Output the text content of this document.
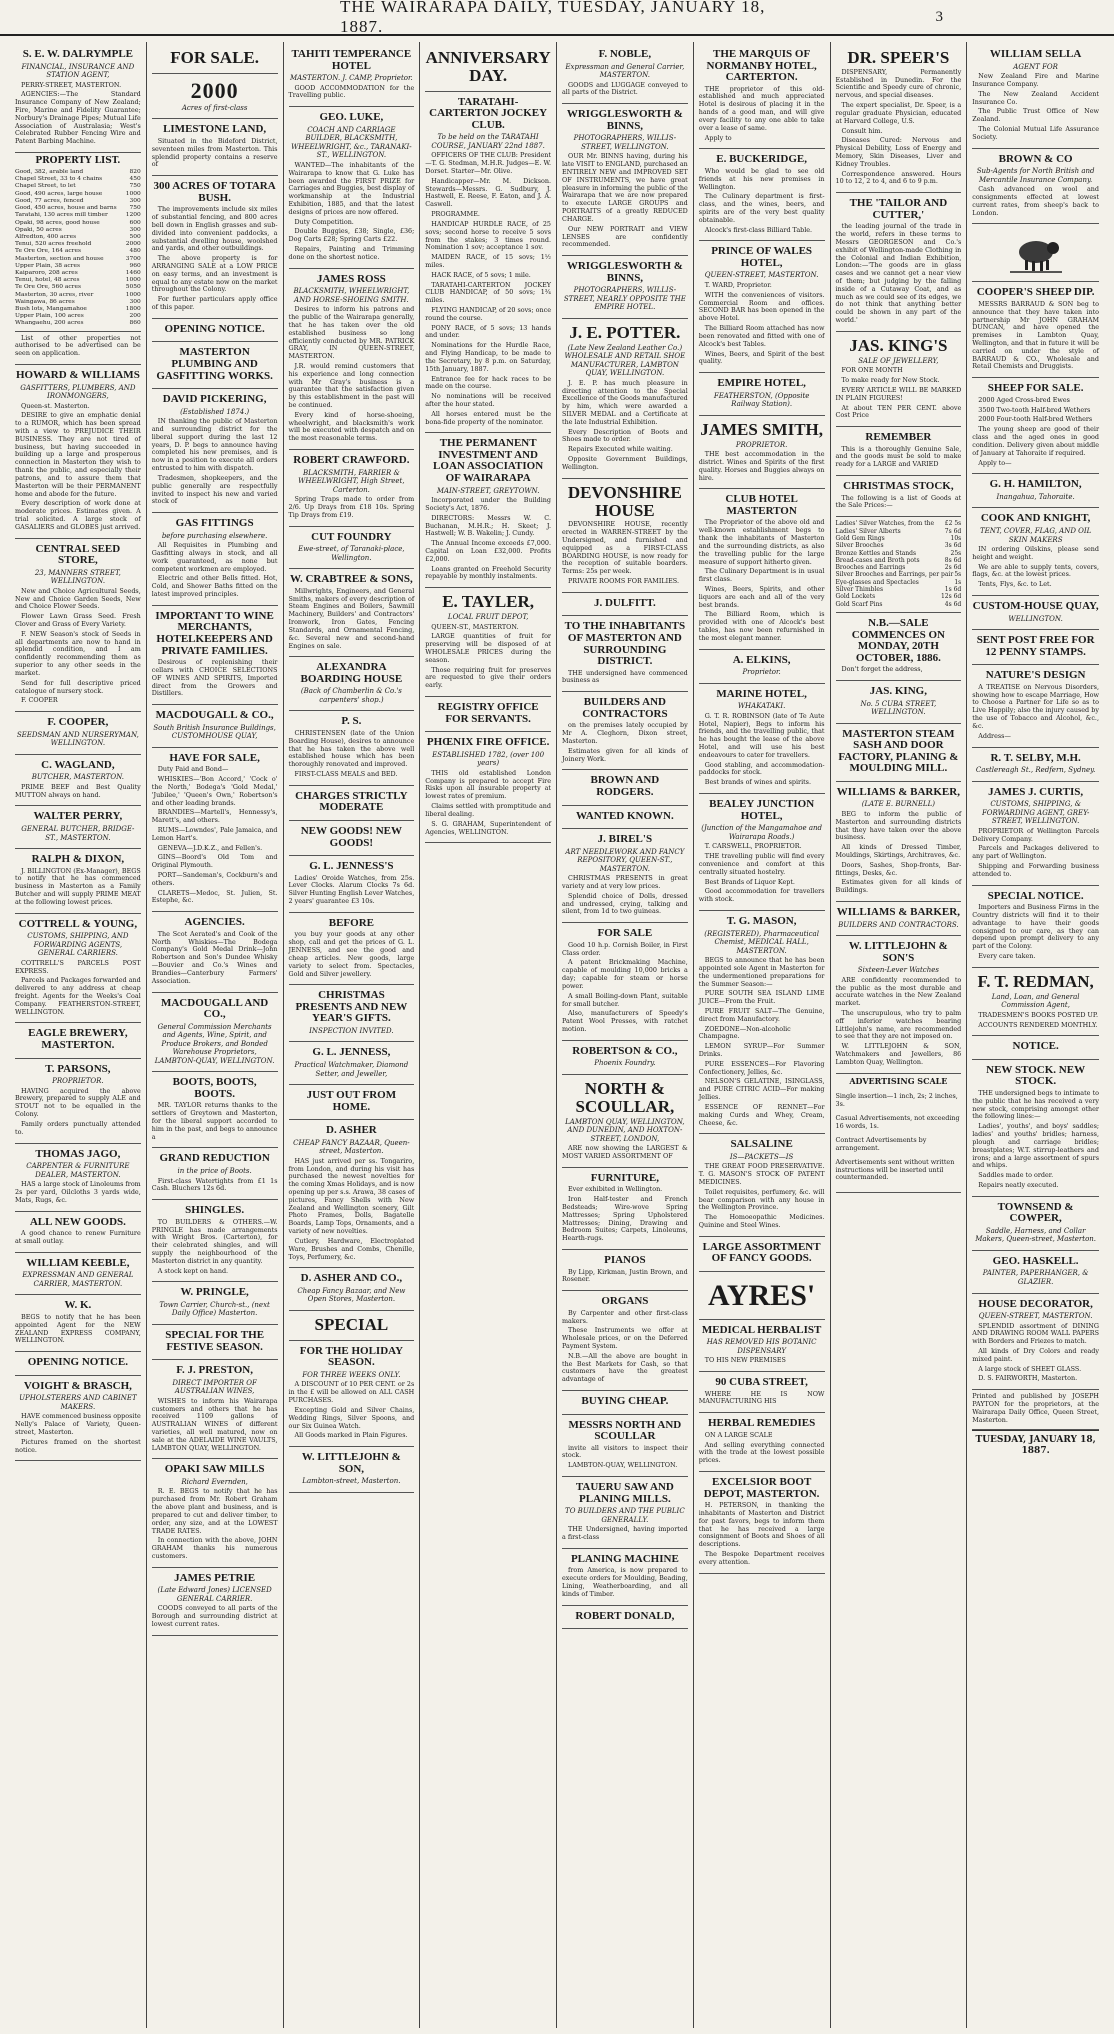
THE WAIRARAPA DAILY, TUESDAY, JANUARY 18, 1887.	3
S. E. W. DALRYMPLE
FINANCIAL, INSURANCE AND STATION AGENT,

PERRY-STREET, MASTERTON.

AGENCIES:—The Standard Insurance Company of New Zealand; Fire, Marine and Fidelity Guarantee; Norbury's Drainage Pipes; Mutual Life Association of Australasia; West's Celebrated Rubber Fencing Wire and Patent Barbing Machine.

PROPERTY LIST.
Good, 382, arable land	820
Chapel Street, 33 to 4 chains	450
Chapel Street, to let	750
Good, 490 acres, large house	1000
Good, 77 acres, fenced	300
Good, 450 acres, house and barns	750
Taratahi, 130 acres mill timber	1200
Opaki, 98 acres, good house	600
Opaki, 50 acres	300
Alfredton, 400 acres	500
Tenui, 520 acres freehold	2000
Te Ore Ore, 164 acres	480
Masterton, section and house	3700
Upper Plain, 38 acres	960
Kaiparoro, 208 acres	1460
Tenui, hotel, 48 acres	1000
Te Ore Ore, 560 acres	5050
Masterton, 30 acres, river	1000
Waingawa, 86 acres	300
Bush lots, Mangamahoe	1800
Upper Plain, 100 acres	200
Whangaehu, 200 acres	860

List of other properties not authorised to be advertised can be seen on application.

HOWARD & WILLIAMS
GASFITTERS, PLUMBERS, AND IRONMONGERS,

Queen-st. Masterton.

DESIRE to give an emphatic denial to a RUMOR, which has been spread with a view to PREJUDICE THEIR BUSINESS. They are not tired of business, but having succeeded in building up a large and prosperous connection in Masterton they wish to thank the public, and especially their patrons, and to assure them that Masterton will be their PERMANENT home and abode for the future.

Every description of work done at moderate prices. Estimates given. A trial solicited. A large stock of GASALIERS and GLOBES just arrived.

CENTRAL SEED STORE,
23, MANNERS STREET, WELLINGTON.

New and Choice Agricultural Seeds, New and Choice Garden Seeds, New and Choice Flower Seeds.

Flower Lawn Grass Seed. Fresh Clover and Grass of Every Variety.

F. NEW Season's stock of Seeds in all departments are now to hand in splendid condition, and I am confidently recommending them as superior to any other seeds in the market.

Send for full descriptive priced catalogue of nursery stock.

F. COOPER

F. COOPER,
SEEDSMAN AND NURSERYMAN, WELLINGTON.
C. WAGLAND,
BUTCHER, MASTERTON.

PRIME BEEF and Best Quality MUTTON always on hand.

WALTER PERRY,
GENERAL BUTCHER, BRIDGE-ST., MASTERTON.
RALPH & DIXON,

J. BILLINGTON (Ex-Manager), BEGS to notify that he has commenced business in Masterton as a Family Butcher and will supply PRIME MEAT at the following lowest prices.

COTTRELL & YOUNG,
CUSTOMS, SHIPPING, AND FORWARDING AGENTS, GENERAL CARRIERS.

COTTRELL'S PARCELS POST EXPRESS.

Parcels and Packages forwarded and delivered to any address at cheap freight. Agents for the Weeks's Coal Company. FEATHERSTON-STREET, WELLINGTON.

EAGLE BREWERY, MASTERTON.
T. PARSONS,
PROPRIETOR.

HAVING acquired the above Brewery, prepared to supply ALE and STOUT not to be equalled in the Colony.

Family orders punctually attended to.

THOMAS JAGO,
CARPENTER & FURNITURE DEALER, MASTERTON.

HAS a large stock of Linoleums from 2s per yard, Oilcloths 3 yards wide, Mats, Rugs, &c.

ALL NEW GOODS.

A good chance to renew Furniture at small outlay.

WILLIAM KEEBLE,
EXPRESSMAN AND GENERAL CARRIER, MASTERTON.
W. K.

BEGS to notify that he has been appointed Agent for the NEW ZEALAND EXPRESS COMPANY, WELLINGTON.

OPENING NOTICE.
VOIGHT & BRASCH,
UPHOLSTERERS AND CABINET MAKERS.

HAVE commenced business opposite Nelly's Palace of Variety, Queen-street, Masterton.

Pictures framed on the shortest notice.

FOR SALE.
2000
Acres of first-class
LIMESTONE LAND,

Situated in the Bideford District, seventeen miles from Masterton. This splendid property contains a reserve of

300 ACRES OF TOTARA BUSH.

The improvements include six miles of substantial fencing, and 800 acres bell down in English grasses and sub-divided into convenient paddocks, a substantial dwelling house, woolshed and yards, and other outbuildings.

The above property is for ARRANGING SALE at a LOW PRICE on easy terms, and an investment is equal to any estate now on the market throughout the Colony.

For further particulars apply office of this paper.

OPENING NOTICE.
MASTERTON PLUMBING AND GASFITTING WORKS.
DAVID PICKERING,
(Established 1874.)

IN thanking the public of Masterton and surrounding district for the liberal support during the last 12 years, D. P. begs to announce having completed his new premises, and is now in a position to execute all orders entrusted to him with dispatch.

Tradesmen, shopkeepers, and the public generally are respectfully invited to inspect his new and varied stock of

GAS FITTINGS
before purchasing elsewhere.

All Requisites in Plumbing and Gasfitting always in stock, and all work guaranteed, as none but competent workmen are employed.

Electric and other Bells fitted. Hot, Cold, and Shower Baths fitted on the latest improved principles.

IMPORTANT TO WINE MERCHANTS, HOTELKEEPERS AND PRIVATE FAMILIES.

Desirous of replenishing their cellars with CHOICE SELECTIONS OF WINES AND SPIRITS, Imported direct from the Growers and Distillers.

MACDOUGALL & CO.,
South British Insurance Buildings, CUSTOMHOUSE QUAY,
HAVE FOR SALE,

Duty Paid and Bond—

WHISKIES—'Bon Accord,' 'Cock o' the North,' Bodega's 'Gold Medal,' 'Jubilee,' 'Queen's Own,' Robertson's and other leading brands.

BRANDIES—Martell's, Hennessy's, Marett's, and others.

RUMS—Lowndes', Pale Jamaica, and Lemon Hart's.

GENEVA—J.D.K.Z., and Fellen's.

GINS—Boord's Old Tom and Original Plymouth.

PORT—Sandeman's, Cockburn's and others.

CLARETS—Medoc, St. Julien, St. Estephe, &c.

AGENCIES.

The Scot Aerated's and Cook of the North Whiskies—The Bodega Company's Gold Medal Drink—John Robertson and Son's Dundee Whisky—Bouvier and Co.'s Wines and Brandies—Canterbury Farmers' Association.

MACDOUGALL AND CO.,
General Commission Merchants and Agents, Wine, Spirit, and Produce Brokers, and Bonded Warehouse Proprietors, LAMBTON-QUAY, WELLINGTON.
BOOTS, BOOTS, BOOTS.

MR. TAYLOR returns thanks to the settlers of Greytown and Masterton, for the liberal support accorded to him in the past, and begs to announce a

GRAND REDUCTION
in the price of Boots.

First-class Watertights from £1 1s Cash. Bluchers 12s 6d.

SHINGLES.

TO BUILDERS & OTHERS.—W. PRINGLE has made arrangements with Wright Bros. (Carterton), for their celebrated shingles, and will supply the neighbourhood of the Masterton district in any quantity.

A stock kept on hand.

W. PRINGLE,
Town Carrier, Church-st., (next Daily Office) Masterton.
SPECIAL FOR THE FESTIVE SEASON.
F. J. PRESTON,
DIRECT IMPORTER OF AUSTRALIAN WINES,

WISHES to inform his Wairarapa customers and others that he has received 1109 gallons of AUSTRALIAN WINES of different varieties, all well matured, now on sale at the ADELAIDE WINE VAULTS, LAMBTON QUAY, WELLINGTON.

OPAKI SAW MILLS
Richard Evernden,

R. E. BEGS to notify that he has purchased from Mr. Robert Graham the above plant and business, and is prepared to cut and deliver timber, to order, any size, and at the LOWEST TRADE RATES.

In connection with the above, JOHN GRAHAM thanks his numerous customers.

JAMES PETRIE
(Late Edward Jones) LICENSED GENERAL CARRIER.

COODS conveyed to all parts of the Borough and surrounding district at lowest current rates.

TAHITI TEMPERANCE HOTEL
MASTERTON. J. CAMP, Proprietor.

GOOD ACCOMMODATION for the Travelling public.

GEO. LUKE,
COACH AND CARRIAGE BUILDER, BLACKSMITH, WHEELWRIGHT, &c., TARANAKI-ST., WELLINGTON.

WANTED—The inhabitants of the Wairarapa to know that G. Luke has been awarded the FIRST PRIZE for Carriages and Buggies, best display of workmanship at the Industrial Exhibition, 1885, and that the latest designs of prices are now offered.

Duty Competition.

Double Buggies, £38; Single, £36; Dog Carts £28; Spring Carts £22.

Repairs, Painting and Trimming done on the shortest notice.

JAMES ROSS
BLACKSMITH, WHEELWRIGHT, AND HORSE-SHOEING SMITH.

Desires to inform his patrons and the public of the Wairarapa generally, that he has taken over the old established business so long efficiently conducted by MR. PATRICK GRAY, IN QUEEN-STREET, MASTERTON.

J.R. would remind customers that his experience and long connection with Mr Gray's business is a guarantee that the satisfaction given by this establishment in the past will be continued.

Every kind of horse-shoeing, wheelwright, and blacksmith's work will be executed with despatch and on the most reasonable terms.

ROBERT CRAWFORD.
BLACKSMITH, FARRIER & WHEELWRIGHT, High Street, Carterton.

Spring Traps made to order from 2/6. Up Drays from £18 10s. Spring Tip Drays from £19.

CUT FOUNDRY
Ewe-street, of Taranaki-place, Wellington.
W. CRABTREE & SONS,

Millwrights, Engineers, and General Smiths, makers of every description of Steam Engines and Boilers, Sawmill Machinery, Builders' and Contractors' Ironwork, Iron Gates, Fencing Standards, and Ornamental Fencing, &c. Several new and second-hand Engines on sale.

ALEXANDRA BOARDING HOUSE
(Back of Chamberlin & Co.'s carpenters' shop.)
P. S.

CHRISTENSEN (late of the Union Boarding House), desires to announce that he has taken the above well established house which has been thoroughly renovated and improved.

FIRST-CLASS MEALS and BED.

CHARGES STRICTLY MODERATE
NEW GOODS! NEW GOODS!
G. L. JENNESS'S

Ladies' Oroide Watches, from 25s. Lever Clocks. Alarum Clocks 7s 6d. Silver Hunting English Lever Watches, 2 years' guarantee £3 10s.

BEFORE

you buy your goods at any other shop, call and get the prices of G. L. JENNESS, and see the good and cheap articles. New goods, large variety to select from. Spectacles, Gold and Silver jewellery.

CHRISTMAS PRESENTS AND NEW YEAR'S GIFTS.
INSPECTION INVITED.
G. L. JENNESS,
Practical Watchmaker, Diamond Setter, and Jeweller,
JUST OUT FROM HOME.
D. ASHER
CHEAP FANCY BAZAAR, Queen-street, Masterton.

HAS just arrived per ss. Tongariro, from London, and during his visit has purchased the newest novelties for the coming Xmas Holidays, and is now opening up per s.s. Arawa, 38 cases of pictures, Fancy Shells with New Zealand and Wellington scenery, Gilt Photo Frames, Dolls, Bagatelle Boards, Lamp Tops, Ornaments, and a variety of new novelties.

Cutlery, Hardware, Electroplated Ware, Brushes and Combs, Chenille, Toys, Perfumery, &c.

D. ASHER AND CO.,
Cheap Fancy Bazaar, and New Open Stores, Masterton.
SPECIAL
FOR THE HOLIDAY SEASON.
FOR THREE WEEKS ONLY.

A DISCOUNT of 10 PER CENT. or 2s in the £ will be allowed on ALL CASH PURCHASES.

Excepting Gold and Silver Chains, Wedding Rings, Silver Spoons, and our Six Guinea Watch.

All Goods marked in Plain Figures.

W. LITTLEJOHN & SON,
Lambton-street, Masterton.
ANNIVERSARY DAY.
TARATAHI-CARTERTON JOCKEY CLUB.
To be held on the TARATAHI COURSE, JANUARY 22nd 1887.

OFFICERS OF THE CLUB: President—T. G. Stedman, M.H.R. Judges—E. W. Dorset. Starter—Mr. Olive.

Handicapper—Mr. M. Dickson. Stewards—Messrs. G. Sudbury, J. Hastwell, E. Reese, F. Eaton, and J. A. Caswell.

PROGRAMME.

HANDICAP HURDLE RACE, of 25 sovs; second horse to receive 5 sovs from the stakes; 3 times round. Nomination 1 sov; acceptance 1 sov.

MAIDEN RACE, of 15 sovs; 1½ miles.

HACK RACE, of 5 sovs; 1 mile.

TARATAHI-CARTERTON JOCKEY CLUB HANDICAP, of 50 sovs; 1¾ miles.

FLYING HANDICAP, of 20 sovs; once round the course.

PONY RACE, of 5 sovs; 13 hands and under.

Nominations for the Hurdle Race, and Flying Handicap, to be made to the Secretary, by 8 p.m. on Saturday, 15th January, 1887.

Entrance fee for hack races to be made on the course.

No nominations will be received after the hour stated.

All horses entered must be the bona-fide property of the nominator.

THE PERMANENT INVESTMENT AND LOAN ASSOCIATION OF WAIRARAPA
MAIN-STREET, GREYTOWN.

Incorporated under the Building Society's Act, 1876.

DIRECTORS: Messrs W. C. Buchanan, M.H.R.; H. Skeet; J. Hastwell; W. B. Wakelin; J. Cundy.

The Annual Income exceeds £7,000. Capital on Loan £32,000. Profits £2,000.

Loans granted on Freehold Security repayable by monthly instalments.

E. TAYLER,
LOCAL FRUIT DEPOT,

QUEEN-ST., MASTERTON.

LARGE quantities of fruit for preserving will be disposed of at WHOLESALE PRICES during the season.

Those requiring fruit for preserves are requested to give their orders early.

REGISTRY OFFICE FOR SERVANTS.
PHŒNIX FIRE OFFICE.
ESTABLISHED 1782, (over 100 years)

THIS old established London Company is prepared to accept Fire Risks upon all insurable property at lowest rates of premium.

Claims settled with promptitude and liberal dealing.

S. G. GRAHAM, Superintendent of Agencies, WELLINGTON.

F. NOBLE,
Expressman and General Carrier, MASTERTON.

GOODS and LUGGAGE conveyed to all parts of the District.

WRIGGLESWORTH & BINNS,
PHOTOGRAPHERS, WILLIS-STREET, WELLINGTON.

OUR Mr. BINNS having, during his late VISIT to ENGLAND, purchased an ENTIRELY NEW and IMPROVED SET OF INSTRUMENTS, we have great pleasure in informing the public of the Wairarapa that we are now prepared to execute LARGE GROUPS and PORTRAITS of a greatly REDUCED CHARGE.

Our NEW PORTRAIT and VIEW LENSES are confidently recommended.

WRIGGLESWORTH & BINNS,
PHOTOGRAPHERS, WILLIS-STREET, NEARLY OPPOSITE THE EMPIRE HOTEL.
J. E. POTTER.
(Late New Zealand Leather Co.) WHOLESALE AND RETAIL SHOE MANUFACTURER, LAMBTON QUAY, WELLINGTON.

J. E. P. has much pleasure in directing attention to the Special Excellence of the Goods manufactured by him, which were awarded a SILVER MEDAL and a Certificate at the late Industrial Exhibition.

Every Description of Boots and Shoes made to order.

Repairs Executed while waiting.

Opposite Government Buildings, Wellington.

DEVONSHIRE HOUSE

DEVONSHIRE HOUSE, recently erected in WARREN-STREET by the Undersigned, and furnished and equipped as a FIRST-CLASS BOARDING HOUSE, is now ready for the reception of suitable boarders. Terms: 25s per week.

PRIVATE ROOMS FOR FAMILIES.

J. DULFITT.
TO THE INHABITANTS OF MASTERTON AND SURROUNDING DISTRICT.

THE undersigned have commenced business as

BUILDERS AND CONTRACTORS

on the premises lately occupied by Mr A. Cleghorn, Dixon street, Masterton.

Estimates given for all kinds of Joinery Work.

BROWN AND RODGERS.
WANTED KNOWN.
J. BIREL'S
ART NEEDLEWORK AND FANCY REPOSITORY, QUEEN-ST., MASTERTON.

CHRISTMAS PRESENTS in great variety and at very low prices.

Splendid choice of Dolls, dressed and undressed, crying, talking and silent, from 1d to two guineas.

FOR SALE

Good 10 h.p. Cornish Boiler, in First Class order.

A patent Brickmaking Machine, capable of moulding 10,000 bricks a day; capable for steam or horse power.

A small Boiling-down Plant, suitable for small butcher.

Also, manufacturers of Speedy's Patent Wool Presses, with ratchet motion.

ROBERTSON & CO.,
Phoenix Foundry.
NORTH & SCOULLAR,
LAMBTON QUAY, WELLINGTON, AND DUNEDIN, AND HOXTON-STREET, LONDON,

ARE now showing the LARGEST & MOST VARIED ASSORTMENT OF

FURNITURE,

Ever exhibited in Wellington.

Iron Half-tester and French Bedsteads; Wire-wove Spring Mattresses; Spring Upholstered Mattresses; Dining, Drawing and Bedroom Suites; Carpets, Linoleums, Hearth-rugs.

PIANOS

By Lipp, Kirkman, Justin Brown, and Rosener.

ORGANS

By Carpenter and other first-class makers.

These Instruments we offer at Wholesale prices, or on the Deferred Payment System.

N.B.—All the above are bought in the Best Markets for Cash, so that customers have the greatest advantage of

BUYING CHEAP.
MESSRS NORTH AND SCOULLAR

invite all visitors to inspect their stock.

LAMBTON-QUAY, WELLINGTON.

TAUERU SAW AND PLANING MILLS.
TO BUILDERS AND THE PUBLIC GENERALLY.

THE Undersigned, having imported a first-class

PLANING MACHINE

from America, is now prepared to execute orders for Moulding, Beading, Lining, Weatherboarding, and all kinds of Timber.

ROBERT DONALD,
THE MARQUIS OF NORMANBY HOTEL, CARTERTON.

THE proprietor of this old-established and much appreciated Hotel is desirous of placing it in the hands of a good man, and will give every facility to any one able to take over a lease of same.

Apply to

E. BUCKERIDGE,

Who would be glad to see old friends at his new premises in Wellington.

The Culinary department is first-class, and the wines, beers, and spirits are of the very best quality obtainable.

Alcock's first-class Billiard Table.

PRINCE OF WALES HOTEL,
QUEEN-STREET, MASTERTON.

T. WARD, Proprietor.

WITH the conveniences of visitors. Commercial Room and offices. SECOND BAR has been opened in the above Hotel.

The Billiard Room attached has now been renovated and fitted with one of Alcock's best Tables.

Wines, Beers, and Spirit of the best quality.

EMPIRE HOTEL,
FEATHERSTON, (Opposite Railway Station).
JAMES SMITH,
PROPRIETOR.

THE best accommodation in the district. Wines and Spirits of the first quality. Horses and Buggies always on hire.

CLUB HOTEL MASTERTON

The Proprietor of the above old and well-known establishment begs to thank the inhabitants of Masterton and the surrounding districts, as also the travelling public for the large measure of support hitherto given.

The Culinary Department is in usual first class.

Wines, Beers, Spirits, and other liquors are each and all of the very best brands.

The Billiard Room, which is provided with one of Alcock's best tables, has now been refurnished in the most elegant manner.

A. ELKINS,
Proprietor.
MARINE HOTEL,
WHAKATAKI.

G. T. R. ROBINSON (late of Te Aute Hotel, Napier), Begs to inform his friends, and the travelling public, that he has bought the lease of the above Hotel, and will use his best endeavours to cater for travellers.

Good stabling, and accommodation-paddocks for stock.

Best brands of wines and spirits.

BEALEY JUNCTION HOTEL,
(Junction of the Mangamahoe and Wairarapa Roads.)

T. CARSWELL, PROPRIETOR.

THE travelling public will find every convenience and comfort at this centrally situated hostelry.

Best Brands of Liquor Kept.

Good accommodation for travellers with stock.

T. G. MASON,
(REGISTERED), Pharmaceutical Chemist, MEDICAL HALL, MASTERTON.

BEGS to announce that he has been appointed sole Agent in Masterton for the undermentioned preparations for the Summer Season:—

PURE SOUTH SEA ISLAND LIME JUICE—From the Fruit.

PURE FRUIT SALT—The Genuine, direct from Manufactory.

ZOEDONE—Non-alcoholic Champagne.

LEMON SYRUP—For Summer Drinks.

PURE ESSENCES—For Flavoring Confectionery, Jellies, &c.

NELSON'S GELATINE, ISINGLASS, and PURE CITRIC ACID—For making Jellies.

ESSENCE OF RENNET—For making Curds and Whey, Cream, Cheese, &c.

SALSALINE
IS—PACKETS—IS

THE GREAT FOOD PRESERVATIVE. T. G. MASON'S STOCK OF PATENT MEDICINES.

Toilet requisites, perfumery, &c. will bear comparison with any house in the Wellington Province.

The Homoeopathic Medicines. Quinine and Steel Wines.

LARGE ASSORTMENT OF FANCY GOODS.
AYRES'
MEDICAL HERBALIST
HAS REMOVED HIS BOTANIC DISPENSARY

TO HIS NEW PREMISES

90 CUBA STREET,

WHERE HE IS NOW MANUFACTURING HIS

HERBAL REMEDIES

ON A LARGE SCALE

And selling everything connected with the trade at the lowest possible prices.

EXCELSIOR BOOT DEPOT, MASTERTON.

H. PETERSON, in thanking the inhabitants of Masterton and District for past favors, begs to inform them that he has received a large consignment of Boots and Shoes of all descriptions.

The Bespoke Department receives every attention.

DR. SPEER'S

DISPENSARY, Permanently Established in Dunedin. For the Scientific and Speedy cure of chronic, nervous, and special diseases.

The expert specialist, Dr. Speer, is a regular graduate Physician, educated at Harvard College, U.S.

Consult him.

Diseases Cured: Nervous and Physical Debility, Loss of Energy and Memory, Skin Diseases, Liver and Kidney Troubles.

Correspondence answered. Hours 10 to 12, 2 to 4, and 6 to 9 p.m.

THE 'TAILOR AND CUTTER,'

the leading journal of the trade in the world, refers in these terms to Messrs GEORGESON and Co.'s exhibit of Wellington-made Clothing in the Colonial and Indian Exhibition, London:—'The goods are in glass cases and we cannot get a near view of them; but judging by the falling inside of a Cutaway Coat, and as much as we could see of its edges, we do not think that anything better could be shown in any part of the world.'

JAS. KING'S
SALE OF JEWELLERY,

FOR ONE MONTH

To make ready for New Stock.

EVERY ARTICLE WILL BE MARKED IN PLAIN FIGURES!

At about TEN PER CENT. above Cost Price

REMEMBER

This is a thoroughly Genuine Sale, and the goods must be sold to make ready for a LARGE and VARIED

CHRISTMAS STOCK,

The following is a list of Goods at the Sale Prices:—

Ladies' Silver Watches, from the £2 5s
Ladies' Silver Alberts	7s 6d
Gold Gem Rings	10s
Silver Brooches	3s 6d
Bronze Kettles and Stands	25s
Bread-cases and Broth pots	8s 6d
Brooches and Earrings	2s 6d
Silver Brooches and Earrings, per pair 5s
Eye-glasses and Spectacles	1s
Silver Thimbles	1s 6d
Gold Lockets	12s 6d
Gold Scarf Pins	4s 6d
N.B.—SALE COMMENCES ON MONDAY, 20TH OCTOBER, 1886.

Don't forget the address,

JAS. KING,
No. 5 CUBA STREET, WELLINGTON.
MASTERTON STEAM SASH AND DOOR FACTORY, PLANING & MOULDING MILL.
WILLIAMS & BARKER,
(LATE E. BURNELL)

BEG to inform the public of Masterton and surrounding districts that they have taken over the above business.

All kinds of Dressed Timber, Mouldings, Skirtings, Architraves, &c.

Doors, Sashes, Shop-fronts, Bar-fittings, Desks, &c.

Estimates given for all kinds of Buildings.

WILLIAMS & BARKER,
BUILDERS AND CONTRACTORS.
W. LITTLEJOHN & SON'S
Sixteen-Lever Watches

ARE confidently recommended to the public as the most durable and accurate watches in the New Zealand market.

The unscrupulous, who try to palm off inferior watches bearing Littlejohn's name, are recommended to see that they are not imposed on.

W. LITTLEJOHN & SON, Watchmakers and Jewellers, 86 Lambton Quay, Wellington.

ADVERTISING SCALE

Single insertion—1 inch, 2s; 2 inches, 3s.

Casual Advertisements, not exceeding 16 words, 1s.

Contract Advertisements by arrangement.

Advertisements sent without written instructions will be inserted until countermanded.

WILLIAM SELLA
AGENT FOR

New Zealand Fire and Marine Insurance Company.

The New Zealand Accident Insurance Co.

The Public Trust Office of New Zealand.

The Colonial Mutual Life Assurance Society.

BROWN & CO
Sub-Agents for North British and Mercantile Insurance Company.

Cash advanced on wool and consignments effected at lowest current rates, from sheep's back to London.

COOPER'S SHEEP DIP.

MESSRS BARRAUD & SON beg to announce that they have taken into partnership Mr JOHN GRAHAM DUNCAN, and have opened the premises in Lambton Quay, Wellington, and that in future it will be carried on under the style of BARRAUD & CO., Wholesale and Retail Chemists and Druggists.

SHEEP FOR SALE.

2000 Aged Cross-bred Ewes

3500 Two-tooth Half-bred Wethers

2000 Four-tooth Half-bred Wethers

The young sheep are good of their class and the aged ones in good condition. Delivery given about middle of January at Tahoraite if required.

Apply to—

G. H. HAMILTON,
Inangahua, Tahoraite.
COOK AND KNIGHT,
TENT, COVER, FLAG, AND OIL SKIN MAKERS

IN ordering Oilskins, please send height and weight.

We are able to supply tents, covers, flags, &c. at the lowest prices.

Tents, Flys, &c. to Let.

CUSTOM-HOUSE QUAY,
WELLINGTON.
SENT POST FREE FOR 12 PENNY STAMPS.
NATURE'S DESIGN

A TREATISE on Nervous Disorders, showing how to escape Marriage, How to Choose a Partner for Life so as to Live Happily; also the injury caused by the use of Tobacco and Alcohol, &c., &c.

Address—

R. T. SELBY, M.H.
Castlereagh St., Redfern, Sydney.
JAMES J. CURTIS,
CUSTOMS, SHIPPING, & FORWARDING AGENT, GREY-STREET, WELLINGTON.

PROPRIETOR of Wellington Parcels Delivery Company.

Parcels and Packages delivered to any part of Wellington.

Shipping and Forwarding business attended to.

SPECIAL NOTICE.

Importers and Business Firms in the Country districts will find it to their advantage to have their goods consigned to our care, as they can depend upon prompt delivery to any part of the Colony.

Every care taken.

F. T. REDMAN,
Land, Loan, and General Commission Agent,

TRADESMEN'S BOOKS POSTED UP.

ACCOUNTS RENDERED MONTHLY.

NOTICE.
NEW STOCK. NEW STOCK.

THE undersigned begs to intimate to the public that he has received a very new stock, comprising amongst other the following lines:—

Ladies', youths', and boys' saddles; ladies' and youths' bridles; harness, plough and carriage bridles; breastplates; W.T. stirrup-leathers and irons; and a large assortment of spurs and whips.

Saddles made to order.

Repairs neatly executed.

TOWNSEND & COWPER,
Saddle, Harness, and Collar Makers, Queen-street, Masterton.
GEO. HASKELL.
PAINTER, PAPERHANGER, & GLAZIER.
HOUSE DECORATOR,
QUEEN-STREET, MASTERTON.

SPLENDID assortment of DINING AND DRAWING ROOM WALL PAPERS with Borders and Friezes to match.

All kinds of Dry Colors and ready mixed paint.

A large stock of SHEET GLASS.

D. S. FAIRWORTH, Masterton.

Printed and published by JOSEPH PAYTON for the proprietors, at the Wairarapa Daily Office, Queen Street, Masterton.
TUESDAY, JANUARY 18, 1887.
